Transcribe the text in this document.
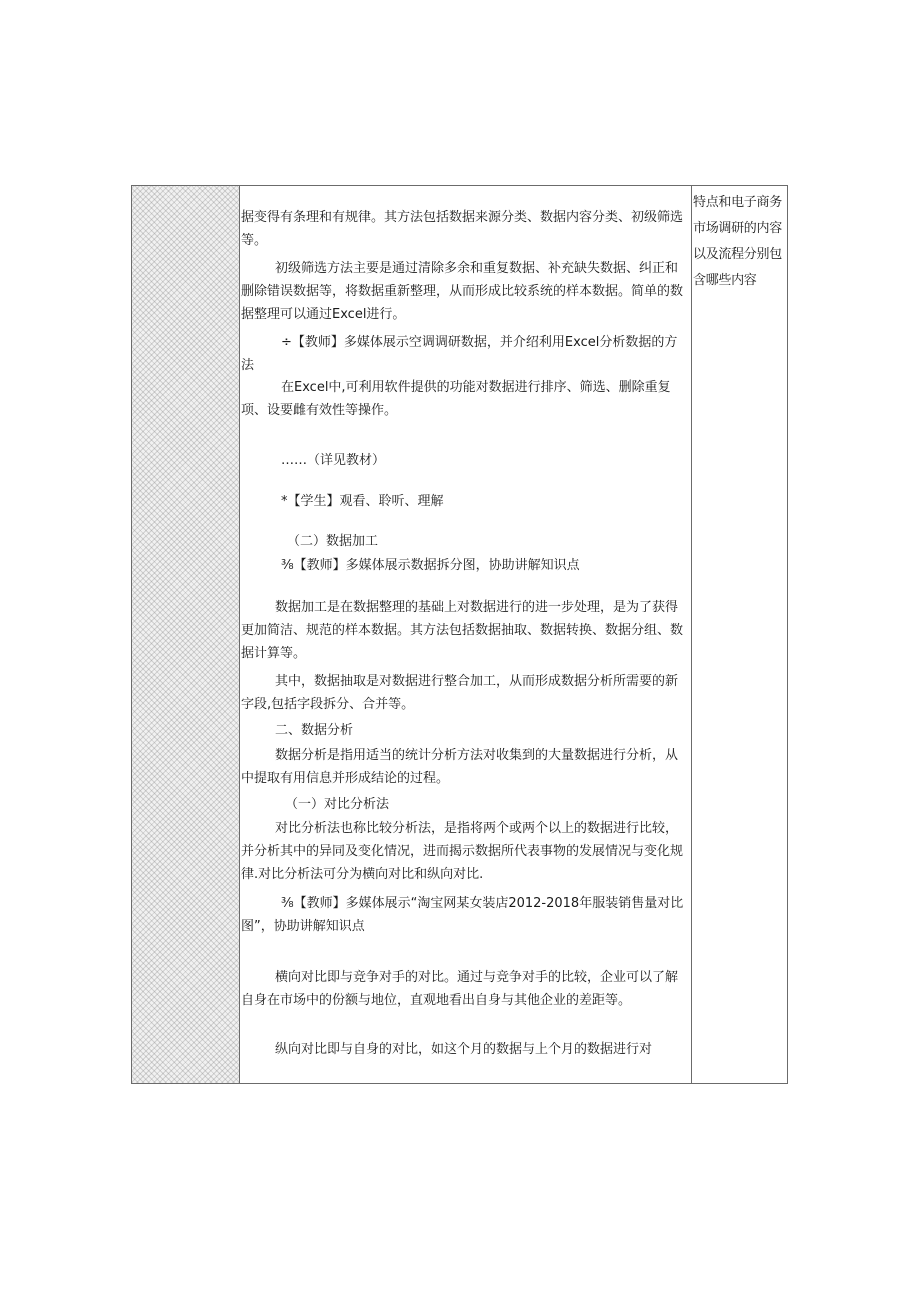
据变得有条理和有规律。其方法包括数据来源分类、数据内容分类、初级筛选等。

初级筛选方法主要是通过清除多余和重复数据、补充缺失数据、纠正和删除错误数据等，将数据重新整理，从而形成比较系统的样本数据。简单的数据整理可以通过Excel进行。

÷【教师】多媒体展示空调调研数据，并介绍利用Excel分析数据的方法

在Excel中,可利用软件提供的功能对数据进行排序、筛选、删除重复项、设要雌有效性等操作。

……（详见教材）

*【学生】观看、聆听、理解

（二）数据加工

⅜【教师】多媒体展示数据拆分图，协助讲解知识点

数据加工是在数据整理的基础上对数据进行的进一步处理，是为了获得更加简洁、规范的样本数据。其方法包括数据抽取、数据转换、数据分组、数据计算等。

其中，数据抽取是对数据进行整合加工，从而形成数据分析所需要的新字段,包括字段拆分、合并等。

二、数据分析

数据分析是指用适当的统计分析方法对收集到的大量数据进行分析，从中提取有用信息并形成结论的过程。

（一）对比分析法

对比分析法也称比较分析法，是指将两个或两个以上的数据进行比较，并分析其中的异同及变化情况，进而揭示数据所代表事物的发展情况与变化规律.对比分析法可分为横向对比和纵向对比.

⅜【教师】多媒体展示“淘宝网某女装店2012-2018年服装销售量对比图”，协助讲解知识点

横向对比即与竞争对手的对比。通过与竞争对手的比较，企业可以了解自身在市场中的份额与地位，直观地看出自身与其他企业的差距等。

纵向对比即与自身的对比，如这个月的数据与上个月的数据进行对

特点和电子商务市场调研的内容以及流程分别包含哪些内容
